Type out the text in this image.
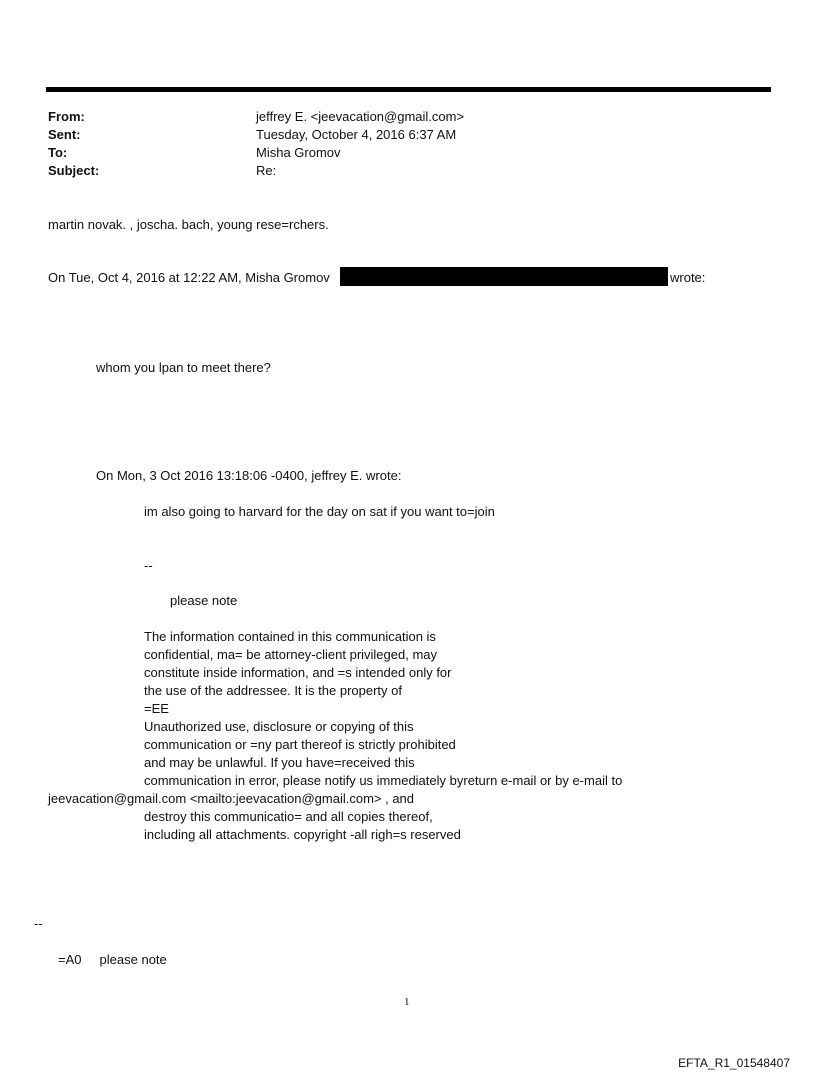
From:	jeffrey E. <jeevacation@gmail.com>
Sent:	Tuesday, October 4, 2016 6:37 AM
To:	Misha Gromov
Subject:	Re:
martin novak. , joscha. bach, young rese=rchers.
On Tue, Oct 4, 2016 at 12:22 AM, Misha Gromov	wrote:
whom you lpan to meet there?
On Mon, 3 Oct 2016 13:18:06 -0400, jeffrey E. wrote:
im also going to harvard for the day on sat if you want to=join
--
please note
The information contained in this communication is
confidential, ma= be attorney-client privileged, may
constitute inside information, and =s intended only for
the use of the addressee. It is the property of
=EE
Unauthorized use, disclosure or copying of this
communication or =ny part thereof is strictly prohibited
and may be unlawful. If you have=received this
communication in error, please notify us immediately byreturn e-mail or by e-mail to
jeevacation@gmail.com <mailto:jeevacation@gmail.com> , and
destroy this communicatio= and all copies thereof,
including all attachments. copyright -all righ=s reserved
--
=A0     please note
1
EFTA_R1_01548407
